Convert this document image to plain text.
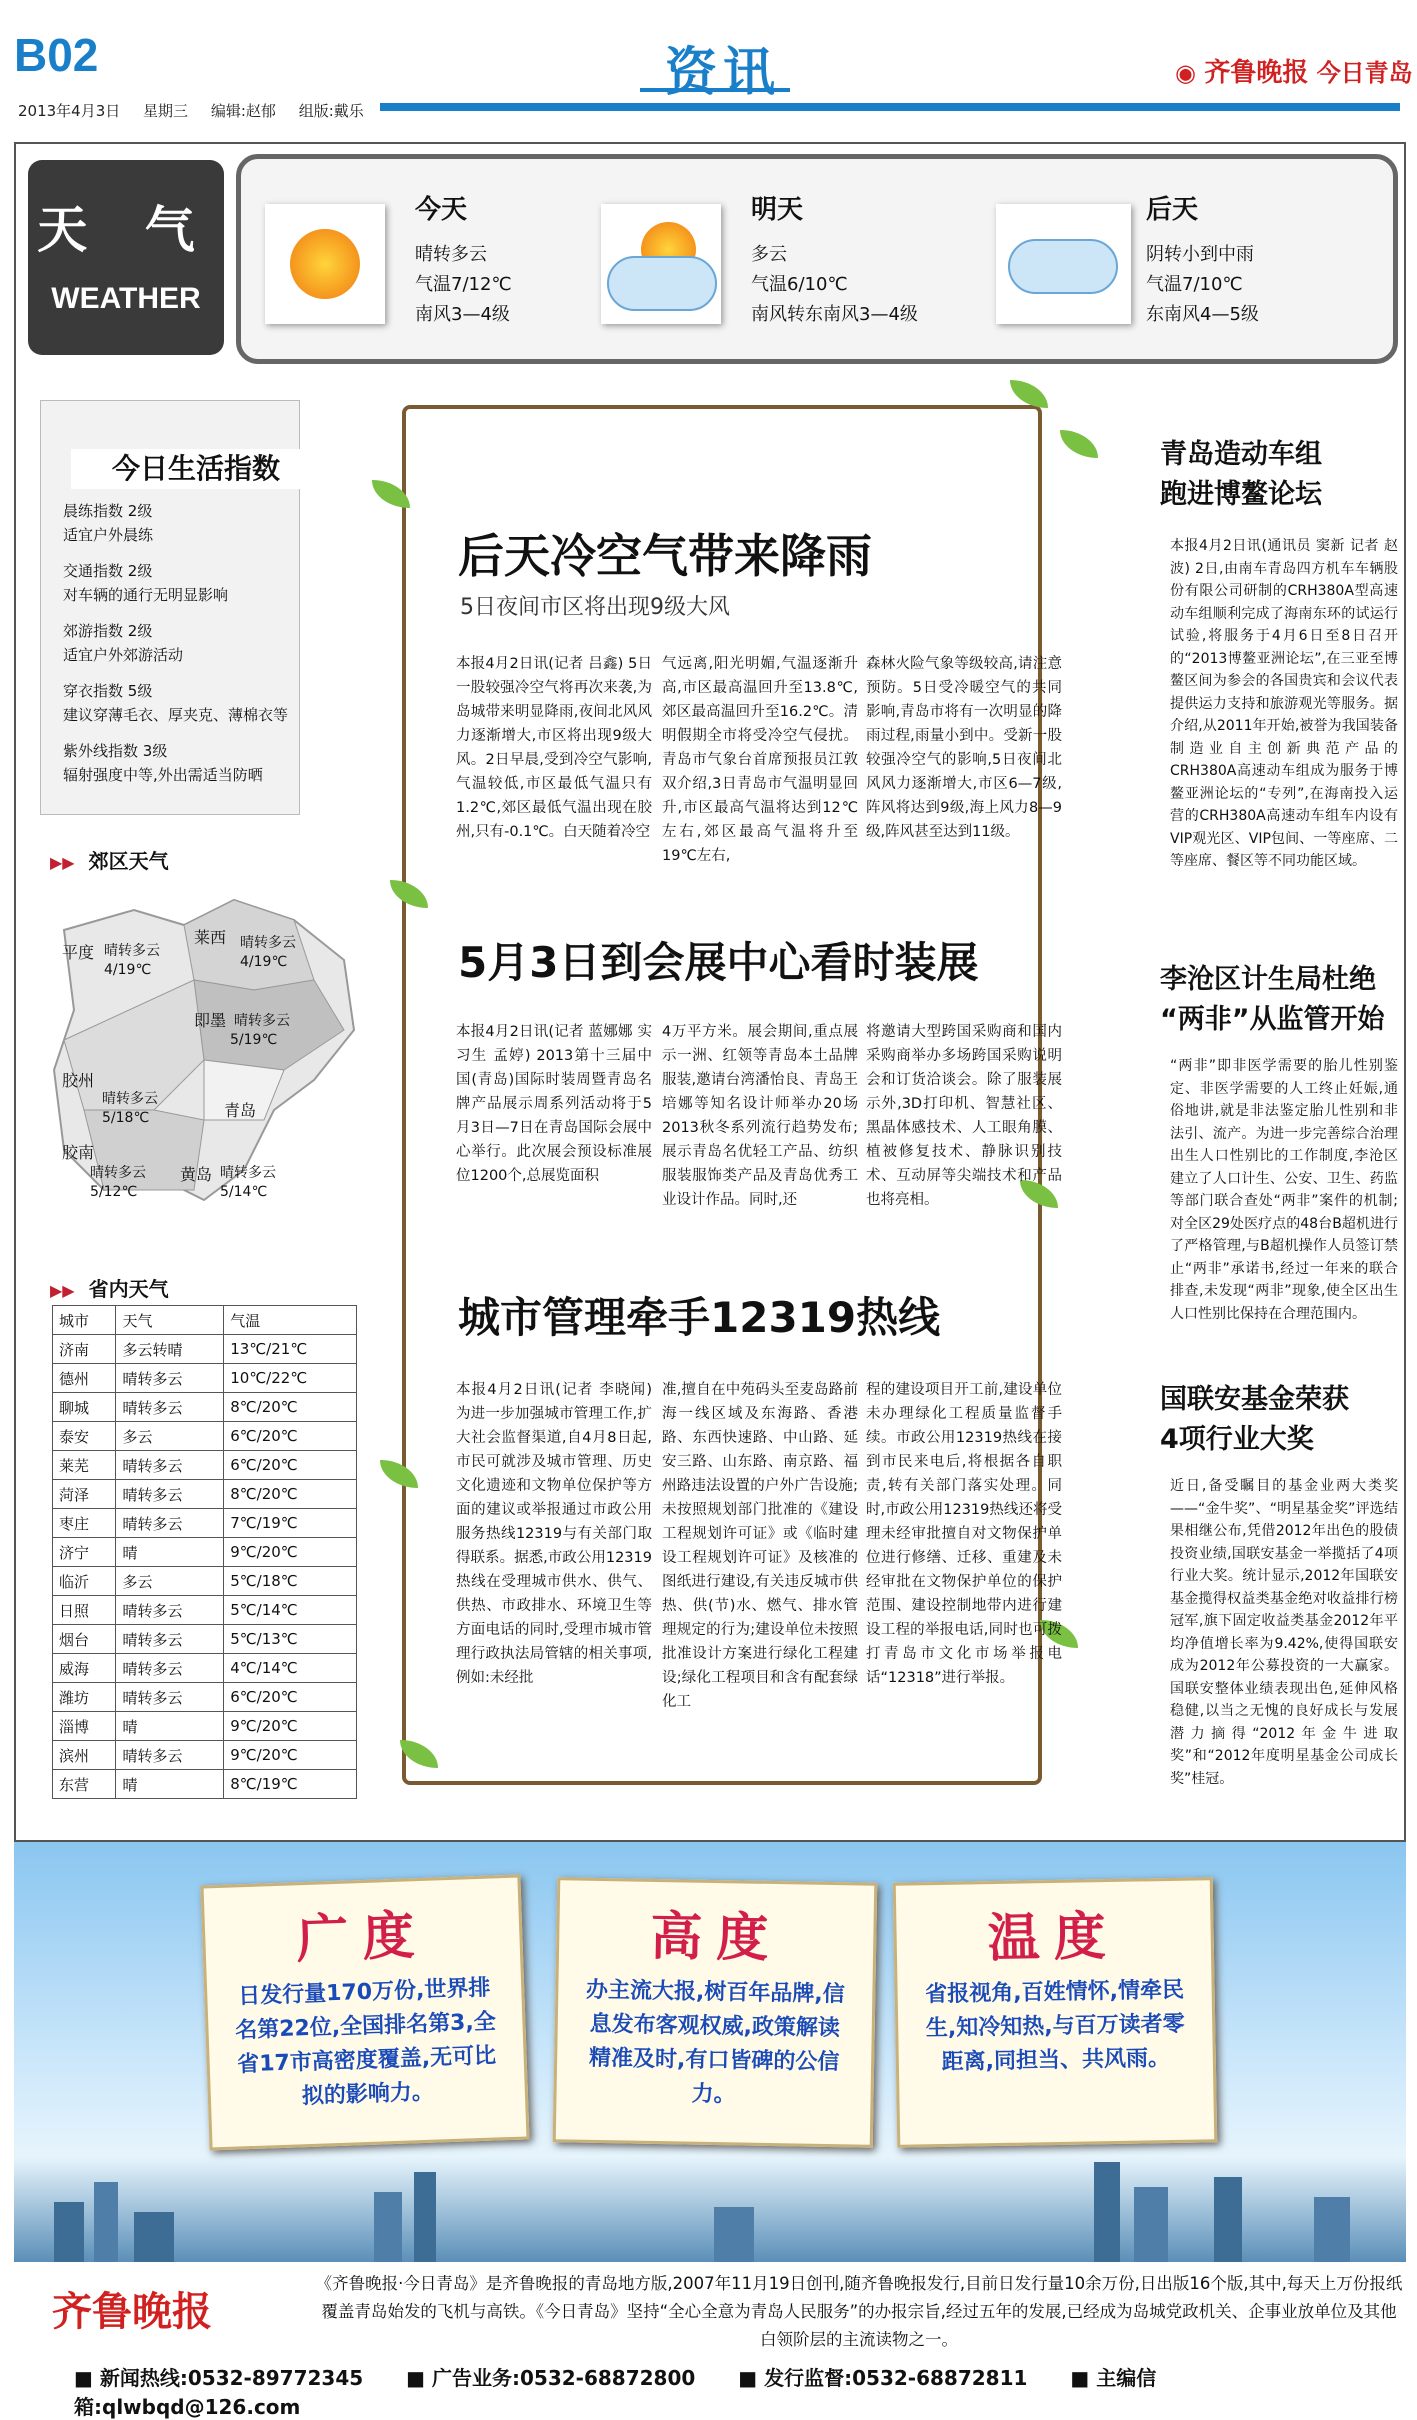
B02
2013年4月3日 星期三 编辑:赵郁 组版:戴乐
资讯	◉ 齐鲁晚报 今日青岛
天 气
WEATHER
今天
晴转多云
气温7/12℃
南风3—4级
明天
多云
气温6/10℃
南风转东南风3—4级
后天
阴转小到中雨
气温7/10℃
东南风4—5级
今日生活指数
晨练指数 2级
适宜户外晨练
交通指数 2级
对车辆的通行无明显影响
郊游指数 2级
适宜户外郊游活动
穿衣指数 5级
建议穿薄毛衣、厚夹克、薄棉衣等
紫外线指数 3级
辐射强度中等,外出需适当防晒
▶▶ 郊区天气
平度 晴转多云
4/19℃
莱西 晴转多云
4/19℃
即墨 晴转多云
5/19℃
胶州
晴转多云
5/18℃	青岛
胶南
晴转多云
5/12℃
黄岛 晴转多云
5/14℃
▶▶ 省内天气
城市	天气	气温
济南	多云转晴	13℃/21℃
德州	晴转多云	10℃/22℃
聊城	晴转多云	8℃/20℃
泰安	多云	6℃/20℃
莱芜	晴转多云	6℃/20℃
菏泽	晴转多云	8℃/20℃
枣庄	晴转多云	7℃/19℃
济宁	晴	9℃/20℃
临沂	多云	5℃/18℃
日照	晴转多云	5℃/14℃
烟台	晴转多云	5℃/13℃
威海	晴转多云	4℃/14℃
潍坊	晴转多云	6℃/20℃
淄博	晴	9℃/20℃
滨州	晴转多云	9℃/20℃
东营	晴	8℃/19℃
后天冷空气带来降雨
5日夜间市区将出现9级大风
本报4月2日讯(记者 吕鑫) 5日一股较强冷空气将再次来袭,为岛城带来明显降雨,夜间北风风力逐渐增大,市区将出现9级大风。2日早晨,受到冷空气影响,气温较低,市区最低气温只有1.2℃,郊区最低气温出现在胶州,只有-0.1℃。白天随着冷空
气远离,阳光明媚,气温逐渐升高,市区最高温回升至13.8℃,郊区最高温回升至16.2℃。清明假期全市将受冷空气侵扰。青岛市气象台首席预报员江敦双介绍,3日青岛市气温明显回升,市区最高气温将达到12℃左右,郊区最高气温将升至19℃左右,
森林火险气象等级较高,请注意预防。5日受冷暖空气的共同影响,青岛市将有一次明显的降雨过程,雨量小到中。受新一股较强冷空气的影响,5日夜间北风风力逐渐增大,市区6—7级,阵风将达到9级,海上风力8—9级,阵风甚至达到11级。
5月3日到会展中心看时装展
本报4月2日讯(记者 蓝娜娜 实习生 孟婷) 2013第十三届中国(青岛)国际时装周暨青岛名牌产品展示周系列活动将于5月3日—7日在青岛国际会展中心举行。此次展会预设标准展位1200个,总展览面积
4万平方米。展会期间,重点展示一洲、红领等青岛本土品牌服装,邀请台湾潘怡良、青岛王培娜等知名设计师举办20场2013秋冬系列流行趋势发布;展示青岛名优轻工产品、纺织服装服饰类产品及青岛优秀工业设计作品。同时,还
将邀请大型跨国采购商和国内采购商举办多场跨国采购说明会和订货洽谈会。除了服装展示外,3D打印机、智慧社区、黑晶体感技术、人工眼角膜、植被修复技术、静脉识别技术、互动屏等尖端技术和产品也将亮相。
城市管理牵手12319热线
本报4月2日讯(记者 李晓闻) 为进一步加强城市管理工作,扩大社会监督渠道,自4月8日起,市民可就涉及城市管理、历史文化遗迹和文物单位保护等方面的建议或举报通过市政公用服务热线12319与有关部门取得联系。据悉,市政公用12319热线在受理城市供水、供气、供热、市政排水、环境卫生等方面电话的同时,受理市城市管理行政执法局管辖的相关事项,例如:未经批
准,擅自在中苑码头至麦岛路前海一线区域及东海路、香港路、东西快速路、中山路、延安三路、山东路、南京路、福州路违法设置的户外广告设施;未按照规划部门批准的《建设工程规划许可证》或《临时建设工程规划许可证》及核准的图纸进行建设,有关违反城市供热、供(节)水、燃气、排水管理规定的行为;建设单位未按照批准设计方案进行绿化工程建设;绿化工程项目和含有配套绿化工
程的建设项目开工前,建设单位未办理绿化工程质量监督手续。市政公用12319热线在接到市民来电后,将根据各自职责,转有关部门落实处理。同时,市政公用12319热线还将受理未经审批擅自对文物保护单位进行修缮、迁移、重建及未经审批在文物保护单位的保护范围、建设控制地带内进行建设工程的举报电话,同时也可拨打青岛市文化市场举报电话“12318”进行举报。
青岛造动车组
跑进博鳌论坛
本报4月2日讯(通讯员 窦新 记者 赵波) 2日,由南车青岛四方机车车辆股份有限公司研制的CRH380A型高速动车组顺利完成了海南东环的试运行试验,将服务于4月6日至8日召开的“2013博鳌亚洲论坛”,在三亚至博鳌区间为参会的各国贵宾和会议代表提供运力支持和旅游观光等服务。据介绍,从2011年开始,被誉为我国装备制造业自主创新典范产品的CRH380A高速动车组成为服务于博鳌亚洲论坛的“专列”,在海南投入运营的CRH380A高速动车组车内设有VIP观光区、VIP包间、一等座席、二等座席、餐区等不同功能区域。
李沧区计生局杜绝
“两非”从监管开始
“两非”即非医学需要的胎儿性别鉴定、非医学需要的人工终止妊娠,通俗地讲,就是非法鉴定胎儿性别和非法引、流产。为进一步完善综合治理出生人口性别比的工作制度,李沧区建立了人口计生、公安、卫生、药监等部门联合查处“两非”案件的机制;对全区29处医疗点的48台B超机进行了严格管理,与B超机操作人员签订禁止“两非”承诺书,经过一年来的联合排查,未发现“两非”现象,使全区出生人口性别比保持在合理范围内。
国联安基金荣获
4项行业大奖
近日,备受瞩目的基金业两大类奖——“金牛奖”、“明星基金奖”评选结果相继公布,凭借2012年出色的股债投资业绩,国联安基金一举揽括了4项行业大奖。统计显示,2012年国联安基金揽得权益类基金绝对收益排行榜冠军,旗下固定收益类基金2012年平均净值增长率为9.42%,使得国联安成为2012年公募投资的一大赢家。国联安整体业绩表现出色,延伸风格稳健,以当之无愧的良好成长与发展潜力摘得“2012年金牛进取奖”和“2012年度明星基金公司成长奖”桂冠。
广度
日发行量170万份,世界排名第22位,全国排名第3,全省17市高密度覆盖,无可比拟的影响力。
高度
办主流大报,树百年品牌,信息发布客观权威,政策解读精准及时,有口皆碑的公信力。
温度
省报视角,百姓情怀,情牵民生,知冷知热,与百万读者零距离,同担当、共风雨。
齐鲁晚报
《齐鲁晚报·今日青岛》是齐鲁晚报的青岛地方版,2007年11月19日创刊,随齐鲁晚报发行,目前日发行量10余万份,日出版16个版,其中,每天上万份报纸覆盖青岛始发的飞机与高铁。《今日青岛》坚持“全心全意为青岛人民服务”的办报宗旨,经过五年的发展,已经成为岛城党政机关、企事业放单位及其他白领阶层的主流读物之一。
■ 新闻热线:0532-89772345	■ 广告业务:0532-68872800	■ 发行监督:0532-68872811	■ 主编信箱:qlwbqd@126.com
